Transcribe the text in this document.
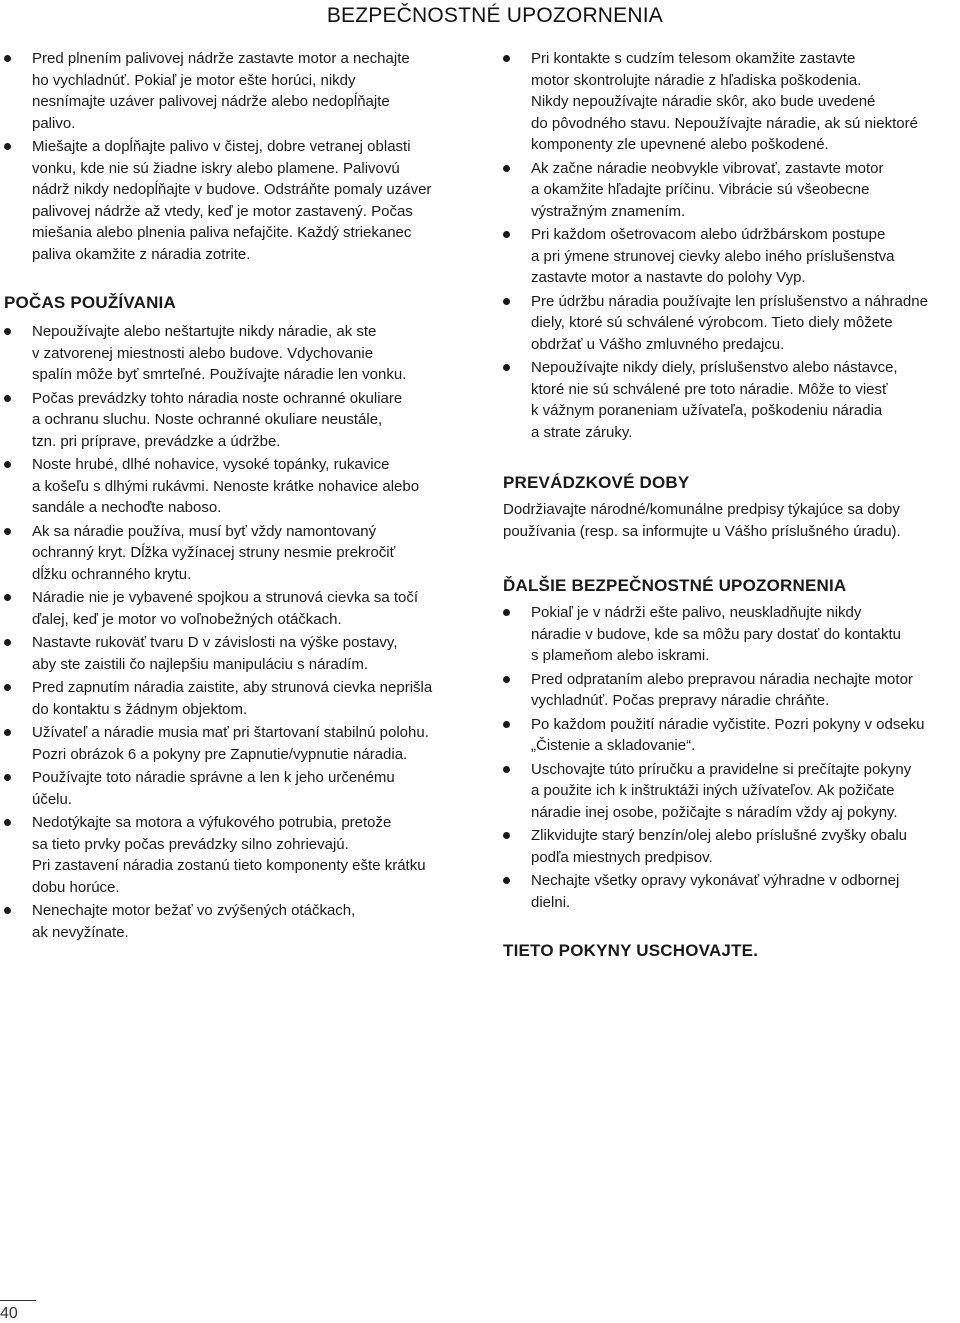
BEZPEČNOSTNÉ UPOZORNENIA
Pred plnením palivovej nádrže zastavte motor a nechajte
ho vychladnúť. Pokiaľ je motor ešte horúci, nikdy
nesnímajte uzáver palivovej nádrže alebo nedopĺňajte
palivo.
Miešajte a dopĺňajte palivo v čistej, dobre vetranej oblasti
vonku, kde nie sú žiadne iskry alebo plamene. Palivovú
nádrž nikdy nedopĺňajte v budove. Odstráňte pomaly uzáver
palivovej nádrže až vtedy, keď je motor zastavený. Počas
miešania alebo plnenia paliva nefajčite. Každý striekanec
paliva okamžite z náradia zotrite.
POČAS POUŽÍVANIA
Nepoužívajte alebo neštartujte nikdy náradie, ak ste
v zatvorenej miestnosti alebo budove. Vdychovanie
spalín môže byť smrteľné. Používajte náradie len vonku.
Počas prevádzky tohto náradia noste ochranné okuliare
a ochranu sluchu. Noste ochranné okuliare neustále,
tzn. pri príprave, prevádzke a údržbe.
Noste hrubé, dlhé nohavice, vysoké topánky, rukavice
a košeľu s dlhými rukávmi. Nenoste krátke nohavice alebo
sandále a nechoďte naboso.
Ak sa náradie používa, musí byť vždy namontovaný
ochranný kryt. Dĺžka vyžínacej struny nesmie prekročiť
dĺžku ochranného krytu.
Náradie nie je vybavené spojkou a strunová cievka sa točí
ďalej, keď je motor vo voľnobežných otáčkach.
Nastavte rukoväť tvaru D v závislosti na výške postavy,
aby ste zaistili čo najlepšiu manipuláciu s náradím.
Pred zapnutím náradia zaistite, aby strunová cievka neprišla
do kontaktu s žádnym objektom.
Užívateľ a náradie musia mať pri štartovaní stabilnú polohu.
Pozri obrázok 6 a pokyny pre Zapnutie/vypnutie náradia.
Používajte toto náradie správne a len k jeho určenému
účelu.
Nedotýkajte sa motora a výfukového potrubia, pretože
sa tieto prvky počas prevádzky silno zohrievajú.
Pri zastavení náradia zostanú tieto komponenty ešte krátku
dobu horúce.
Nenechajte motor bežať vo zvýšených otáčkach,
ak nevyžínate.
Pri kontakte s cudzím telesom okamžite zastavte
motor skontrolujte náradie z hľadiska poškodenia.
Nikdy nepoužívajte náradie skôr, ako bude uvedené
do pôvodného stavu. Nepoužívajte náradie, ak sú niektoré
komponenty zle upevnené alebo poškodené.
Ak začne náradie neobvykle vibrovať, zastavte motor
a okamžite hľadajte príčinu. Vibrácie sú všeobecne
výstražným znamením.
Pri každom ošetrovacom alebo údržbárskom postupe
a pri ýmene strunovej cievky alebo iného príslušenstva
zastavte motor a nastavte do polohy Vyp.
Pre údržbu náradia používajte len príslušenstvo a náhradne
diely, ktoré sú schválené výrobcom. Tieto diely môžete
obdržať u Vášho zmluvného predajcu.
Nepoužívajte nikdy diely, príslušenstvo alebo nástavce,
ktoré nie sú schválené pre toto náradie. Môže to viesť
k vážnym poraneniam užívateľa, poškodeniu náradia
a strate záruky.
PREVÁDZKOVÉ DOBY

Dodržiavajte národné/komunálne predpisy týkajúce sa doby
používania (resp. sa informujte u Vášho príslušného úradu).

ĎALŠIE BEZPEČNOSTNÉ UPOZORNENIA
Pokiaľ je v nádrži ešte palivo, neuskladňujte nikdy
náradie v budove, kde sa môžu pary dostať do kontaktu
s plameňom alebo iskrami.
Pred odpratаním alebo prepravou náradia nechajte motor
vychladnúť. Počas prepravy náradie chráňte.
Po každom použití náradie vyčistite. Pozri pokyny v odseku
„Čistenie a skladovanie“.
Uschovajte túto príručku a pravidelne si prečítajte pokyny
a použite ich k inštruktáži iných užívateľov. Ak požičate
náradie inej osobe, požičajte s náradím vždy aj pokyny.
Zlikvidujte starý benzín/olej alebo príslušné zvyšky obalu
podľa miestnych predpisov.
Nechajte všetky opravy vykonávať výhradne v odbornej
dielni.
TIETO POKYNY USCHOVAJTE.
40
